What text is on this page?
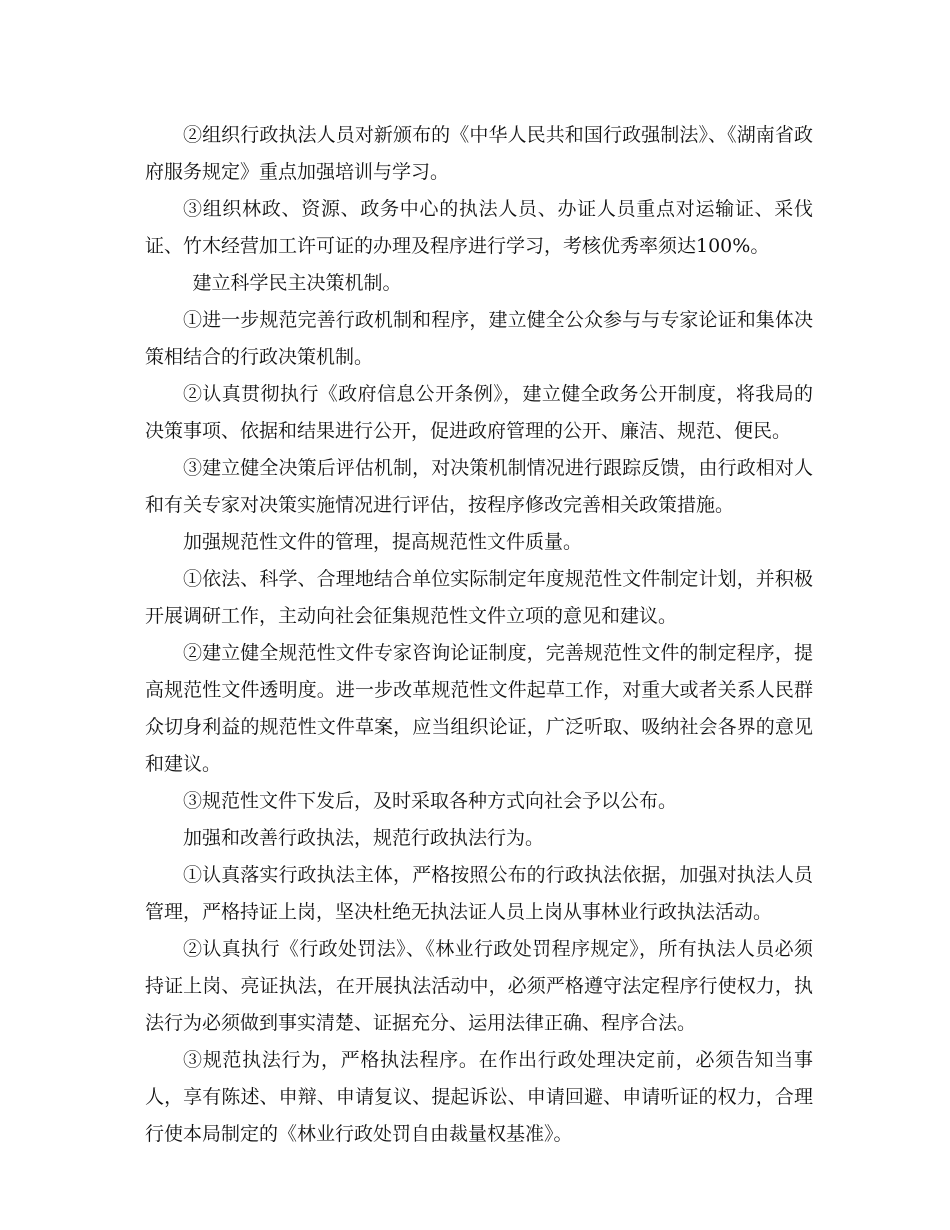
②组织行政执法人员对新颁布的《中华人民共和国行政强制法》、《湖南省政府服务规定》重点加强培训与学习。

③组织林政、资源、政务中心的执法人员、办证人员重点对运输证、采伐证、竹木经营加工许可证的办理及程序进行学习，考核优秀率须达100%。

建立科学民主决策机制。

①进一步规范完善行政机制和程序，建立健全公众参与与专家论证和集体决策相结合的行政决策机制。

②认真贯彻执行《政府信息公开条例》，建立健全政务公开制度，将我局的决策事项、依据和结果进行公开，促进政府管理的公开、廉洁、规范、便民。

③建立健全决策后评估机制，对决策机制情况进行跟踪反馈，由行政相对人和有关专家对决策实施情况进行评估，按程序修改完善相关政策措施。

加强规范性文件的管理，提高规范性文件质量。

①依法、科学、合理地结合单位实际制定年度规范性文件制定计划，并积极开展调研工作，主动向社会征集规范性文件立项的意见和建议。

②建立健全规范性文件专家咨询论证制度，完善规范性文件的制定程序，提高规范性文件透明度。进一步改革规范性文件起草工作，对重大或者关系人民群众切身利益的规范性文件草案，应当组织论证，广泛听取、吸纳社会各界的意见和建议。

③规范性文件下发后，及时采取各种方式向社会予以公布。

加强和改善行政执法，规范行政执法行为。

①认真落实行政执法主体，严格按照公布的行政执法依据，加强对执法人员管理，严格持证上岗，坚决杜绝无执法证人员上岗从事林业行政执法活动。

②认真执行《行政处罚法》、《林业行政处罚程序规定》，所有执法人员必须持证上岗、亮证执法，在开展执法活动中，必须严格遵守法定程序行使权力，执法行为必须做到事实清楚、证据充分、运用法律正确、程序合法。

③规范执法行为，严格执法程序。在作出行政处理决定前，必须告知当事人，享有陈述、申辩、申请复议、提起诉讼、申请回避、申请听证的权力，合理行使本局制定的《林业行政处罚自由裁量权基准》。
